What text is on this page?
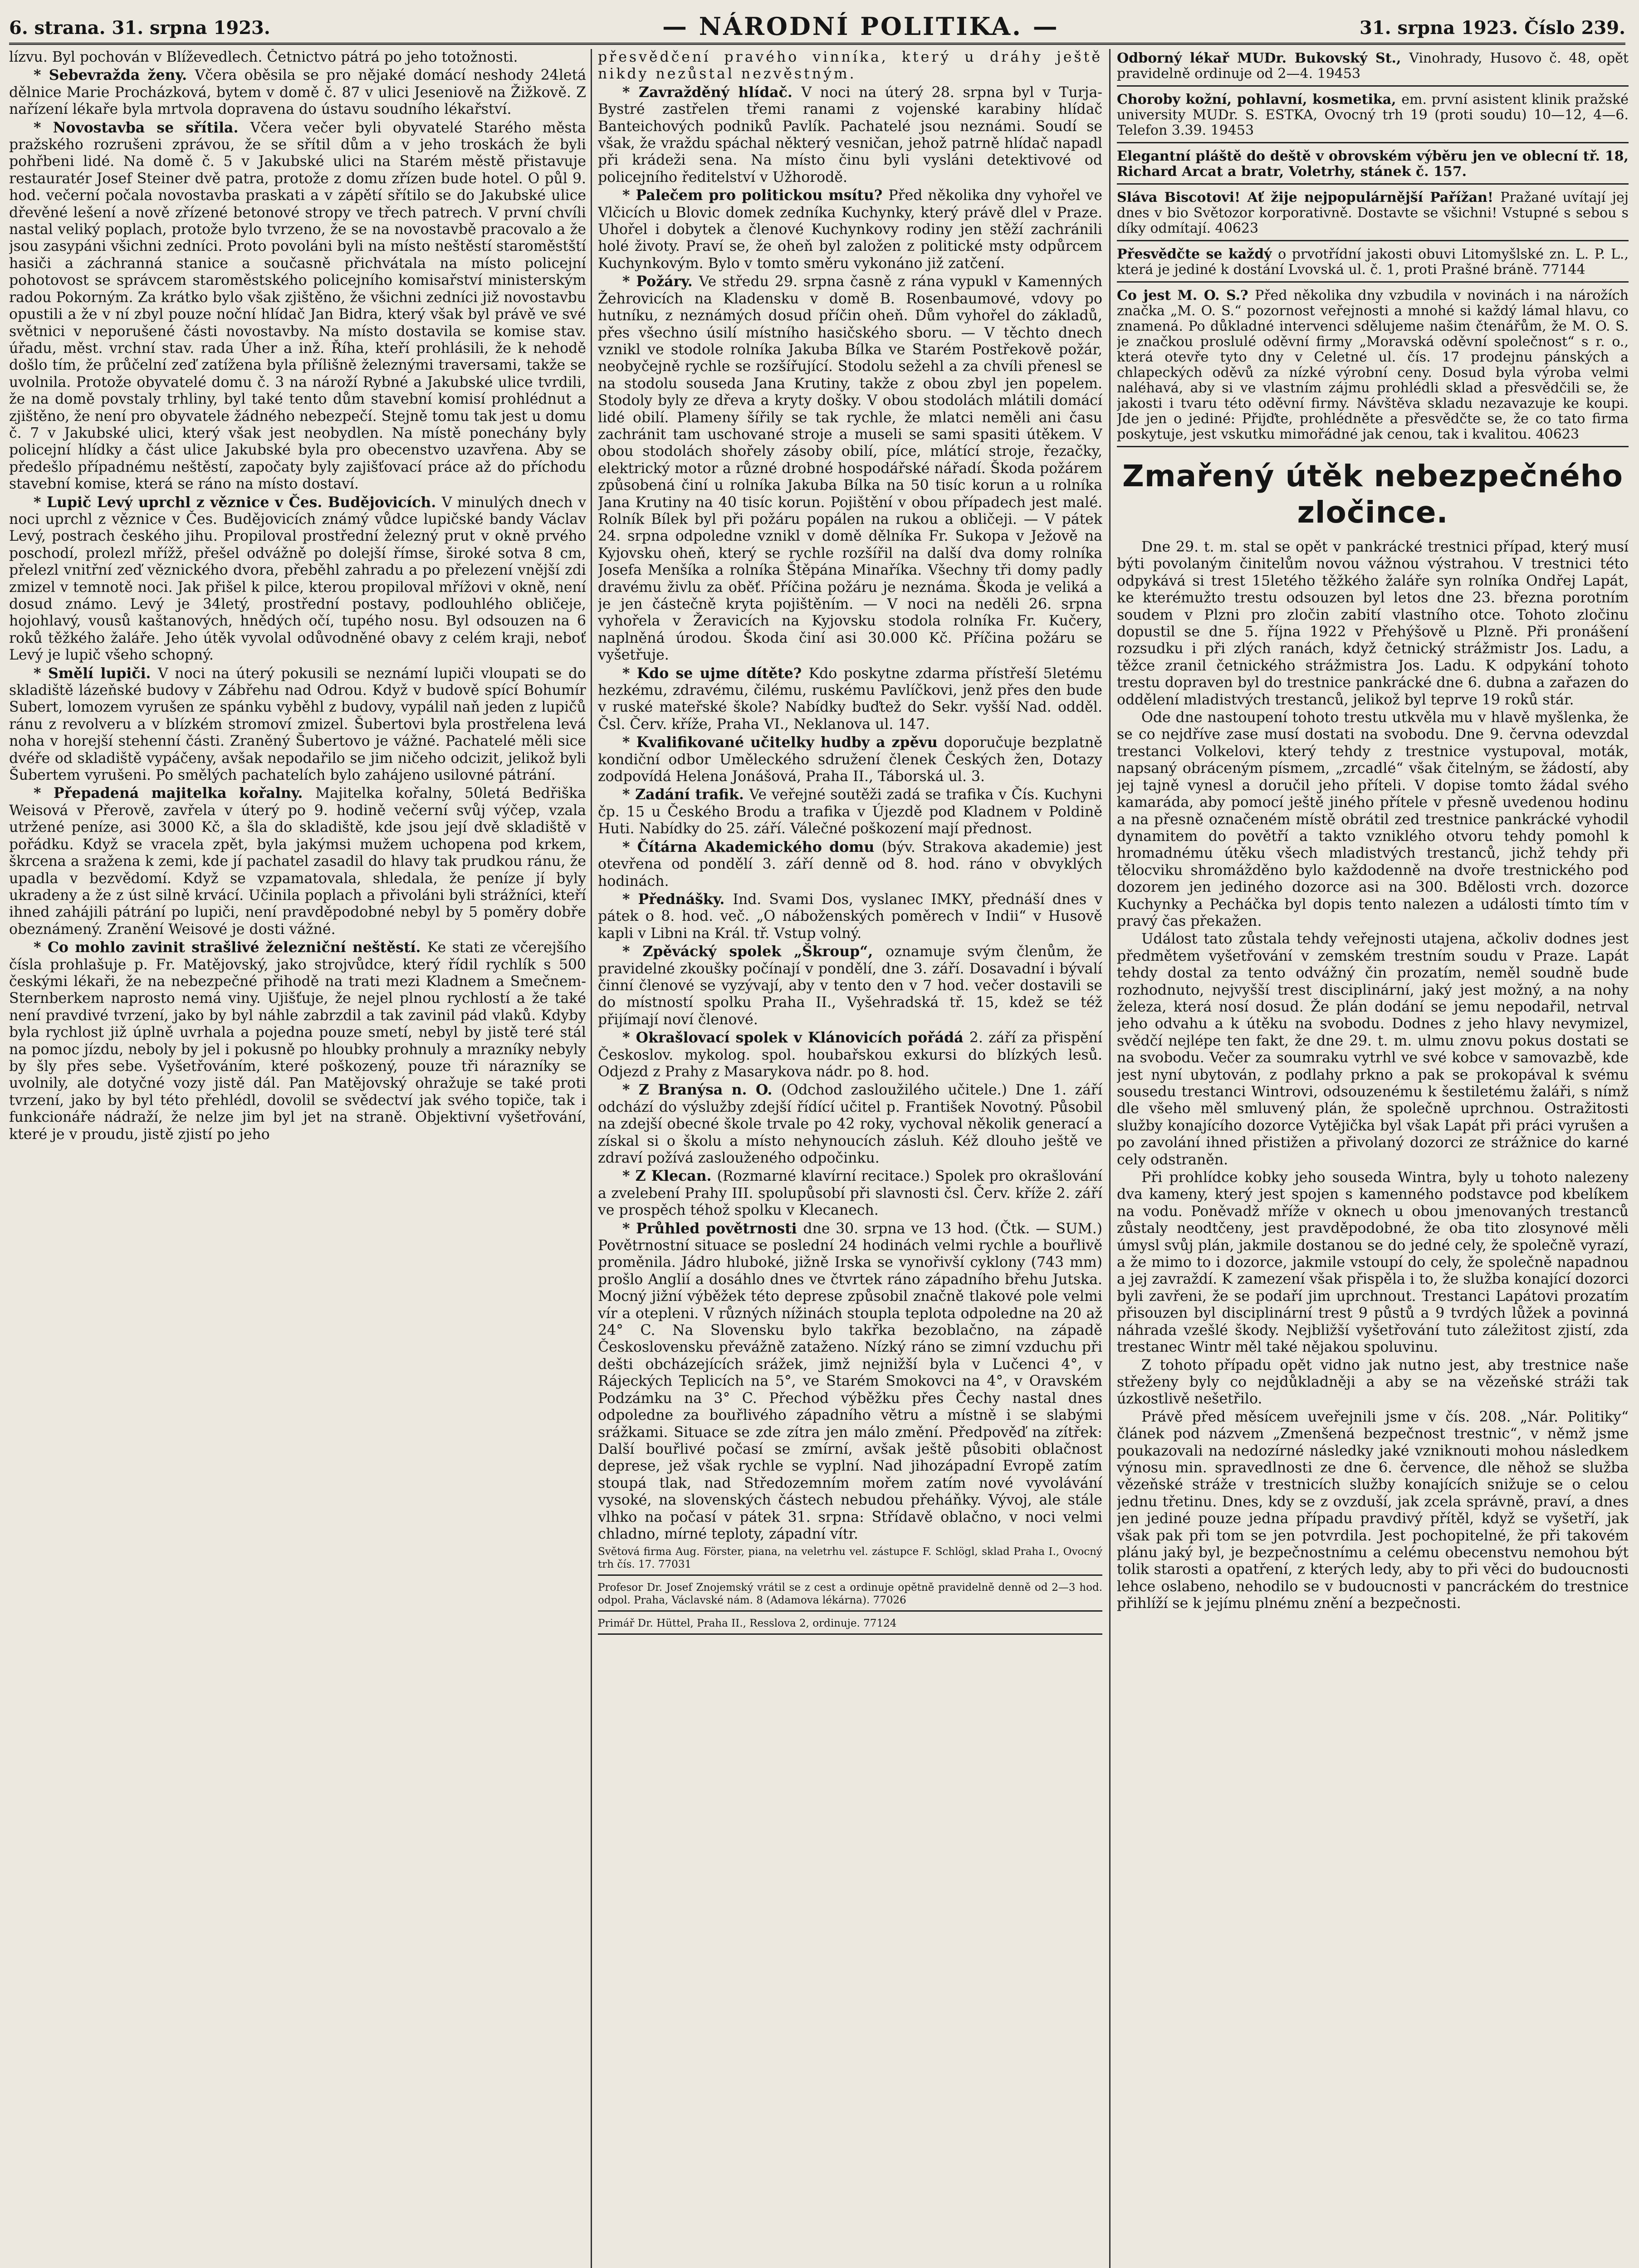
6. strana. 31. srpna 1923.	— NÁRODNÍ POLITIKA. —	31. srpna 1923. Číslo 239.

lízvu. Byl pochován v Blíževedlech. Četnictvo pátrá po jeho totožnosti.

* Sebevražda ženy. Včera oběsila se pro nějaké domácí neshody 24letá dělnice Marie Procházková, bytem v domě č. 87 v ulici Jeseniově na Žižkově. Z nařízení lékaře byla mrtvola dopravena do ústavu soudního lékařství.

* Novostavba se sřítila. Včera večer byli obyvatelé Starého města pražského rozrušeni zprávou, že se sřítil dům a v jeho troskách že byli pohřbeni lidé. Na domě č. 5 v Jakubské ulici na Starém městě přistavuje restauratér Josef Steiner dvě patra, protože z domu zřízen bude hotel. O půl 9. hod. večerní počala novostavba praskati a v zápětí sřítilo se do Jakubské ulice dřevěné lešení a nově zřízené betonové stropy ve třech patrech. V první chvíli nastal veliký poplach, protože bylo tvrzeno, že se na novostavbě pracovalo a že jsou zasypáni všichni zedníci. Proto povoláni byli na místo neštěstí staroměstští hasiči a záchranná stanice a současně přichvátala na místo policejní pohotovost se správcem staroměstského policejního komisařství ministerským radou Pokorným. Za krátko bylo však zjištěno, že všichni zedníci již novostavbu opustili a že v ní zbyl pouze noční hlídač Jan Bidra, který však byl právě ve své světnici v neporušené části novostavby. Na místo dostavila se komise stav. úřadu, měst. vrchní stav. rada Úher a inž. Říha, kteří prohlásili, že k nehodě došlo tím, že průčelní zeď zatížena byla přílišně železnými traversami, takže se uvolnila. Protože obyvatelé domu č. 3 na nároží Rybné a Jakubské ulice tvrdili, že na domě povstaly trhliny, byl také tento dům stavební komisí prohlédnut a zjištěno, že není pro obyvatele žádného nebezpečí. Stejně tomu tak jest u domu č. 7 v Jakubské ulici, který však jest neobydlen. Na místě ponechány byly policejní hlídky a část ulice Jakubské byla pro obecenstvo uzavřena. Aby se předešlo případnému neštěstí, započaty byly zajišťovací práce až do příchodu stavební komise, která se ráno na místo dostaví.

* Lupič Levý uprchl z věznice v Čes. Budějovicích. V minulých dnech v noci uprchl z věznice v Čes. Budějovicích známý vůdce lupičské bandy Václav Levý, postrach českého jihu. Propiloval prostřední železný prut v okně prvého poschodí, prolezl mřížž, přešel odvážně po dolejší římse, široké sotva 8 cm, přelezl vnitřní zeď věznického dvora, přeběhl zahradu a po přelezení vnější zdi zmizel v temnotě noci. Jak přišel k pilce, kterou propiloval mřížovi v okně, není dosud známo. Levý je 34letý, prostřední postavy, podlouhlého obličeje, hojohlavý, vousů kaštanových, hnědých očí, tupého nosu. Byl odsouzen na 6 roků těžkého žaláře. Jeho útěk vyvolal odůvodněné obavy z celém kraji, neboť Levý je lupič všeho schopný.

* Smělí lupiči. V noci na úterý pokusili se neznámí lupiči vloupati se do skladiště lázeňské budovy v Zábřehu nad Odrou. Když v budově spící Bohumír Subert, lomozem vyrušen ze spánku vyběhl z budovy, vypálil naň jeden z lupičů ránu z revolveru a v blízkém stromoví zmizel. Šubertovi byla prostřelena levá noha v horejší stehenní části. Zraněný Šubertovo je vážné. Pachatelé měli sice dvéře od skladiště vypáčeny, avšak nepodařilo se jim ničeho odcizit, jelikož byli Šubertem vyrušeni. Po smělých pachatelích bylo zahájeno usilovné pátrání.

* Přepadená majitelka kořalny. Majitelka kořalny, 50letá Bedřiška Weisová v Přerově, zavřela v úterý po 9. hodině večerní svůj výčep, vzala utržené peníze, asi 3000 Kč, a šla do skladiště, kde jsou její dvě skladiště v pořádku. Když se vracela zpět, byla jakýmsi mužem uchopena pod krkem, škrcena a sražena k zemi, kde jí pachatel zasadil do hlavy tak prudkou ránu, že upadla v bezvědomí. Když se vzpamatovala, shledala, že peníze jí byly ukradeny a že z úst silně krvácí. Učinila poplach a přivoláni byli strážníci, kteří ihned zahájili pátrání po lupiči, není pravděpodobné nebyl by 5 poměry dobře obeznámený. Zranění Weisové je dosti vážné.

* Co mohlo zavinit strašlivé železniční neštěstí. Ke stati ze včerejšího čísla prohlašuje p. Fr. Matějovský, jako strojvůdce, který řídil rychlík s 500 českými lékaři, že na nebezpečné přihodě na trati mezi Kladnem a Smečnem-Sternberkem naprosto nemá viny. Ujišťuje, že nejel plnou rychlostí a že také není pravdivé tvrzení, jako by byl náhle zabrzdil a tak zavinil pád vlaků. Kdyby byla rychlost již úplně uvrhala a pojedna pouze smetí, nebyl by jistě teré stál na pomoc jízdu, neboly by jel i pokusně po hloubky prohnuly a mrazníky nebyly by šly přes sebe. Vyšetřováním, které poškozený, pouze tři nárazníky se uvolnily, ale dotyčné vozy jistě dál. Pan Matějovský ohražuje se také proti tvrzení, jako by byl této přehlédl, dovolil se svědectví jak svého topiče, tak i funkcionáře nádraží, že nelze jim byl jet na straně. Objektivní vyšetřování, které je v proudu, jistě zjistí po jeho

přesvědčení pravého vinníka, který u dráhy ještě nikdy nezůstal nezvěstným.

* Zavražděný hlídač. V noci na úterý 28. srpna byl v Turja-Bystré zastřelen třemi ranami z vojenské karabiny hlídač Banteichových podniků Pavlík. Pachatelé jsou neznámi. Soudí se však, že vraždu spáchal některý vesničan, jehož patrně hlídač napadl při krádeži sena. Na místo činu byli vysláni detektivové od policejního ředitelství v Užhorodě.

* Palečem pro politickou msítu? Před několika dny vyhořel ve Vlčicích u Blovic domek zedníka Kuchynky, který právě dlel v Praze. Uhořel i dobytek a členové Kuchynkovy rodiny jen stěží zachránili holé životy. Praví se, že oheň byl založen z politické msty odpůrcem Kuchynkovým. Bylo v tomto směru vykonáno již zatčení.

* Požáry. Ve středu 29. srpna časně z rána vypukl v Kamenných Žehrovicích na Kladensku v domě B. Rosenbaumové, vdovy po hutníku, z neznámých dosud příčin oheň. Dům vyhořel do základů, přes všechno úsilí místního hasičského sboru. — V těchto dnech vznikl ve stodole rolníka Jakuba Bílka ve Starém Postřekově požár, neobyčejně rychle se rozšířující. Stodolu sežehl a za chvíli přenesl se na stodolu souseda Jana Krutiny, takže z obou zbyl jen popelem. Stodoly byly ze dřeva a kryty došky. V obou stodolách mlátili domácí lidé obilí. Plameny šířily se tak rychle, že mlatci neměli ani času zachránit tam uschované stroje a museli se sami spasiti útěkem. V obou stodolách shořely zásoby obilí, píce, mlátící stroje, řezačky, elektrický motor a různé drobné hospodářské nářadí. Škoda požárem způsobená činí u rolníka Jakuba Bílka na 50 tisíc korun a u rolníka Jana Krutiny na 40 tisíc korun. Pojištění v obou případech jest malé. Rolník Bílek byl při požáru popálen na rukou a obličeji. — V pátek 24. srpna odpoledne vznikl v domě dělníka Fr. Sukopa v Ježově na Kyjovsku oheň, který se rychle rozšířil na další dva domy rolníka Josefa Menšíka a rolníka Štěpána Minaříka. Všechny tři domy padly dravému živlu za oběť. Příčina požáru je neznáma. Škoda je veliká a je jen částečně kryta pojištěním. — V noci na neděli 26. srpna vyhořela v Žeravicích na Kyjovsku stodola rolníka Fr. Kučery, naplněná úrodou. Škoda činí asi 30.000 Kč. Příčina požáru se vyšetřuje.

* Kdo se ujme dítěte? Kdo poskytne zdarma přístřeší 5letému hezkému, zdravému, čilému, ruskému Pavlíčkovi, jenž přes den bude v ruské mateřské škole? Nabídky buďtež do Sekr. vyšší Nad. odděl. Čsl. Červ. kříže, Praha VI., Neklanova ul. 147.

* Kvalifikované učitelky hudby a zpěvu doporučuje bezplatně kondiční odbor Uměleckého sdružení členek Českých žen, Dotazy zodpovídá Helena Jonášová, Praha II., Táborská ul. 3.

* Zadání trafik. Ve veřejné soutěži zadá se trafika v Čís. Kuchyni čp. 15 u Českého Brodu a trafika v Újezdě pod Kladnem v Poldině Huti. Nabídky do 25. září. Válečné poškození mají přednost.

* Čítárna Akademického domu (býv. Strakova akademie) jest otevřena od pondělí 3. září denně od 8. hod. ráno v obvyklých hodinách.

* Přednášky. Ind. Svami Dos, vyslanec IMKY, přednáší dnes v pátek o 8. hod. več. „O náboženských poměrech v Indii“ v Husově kapli v Libni na Král. tř. Vstup volný.

* Zpěvácký spolek „Škroup“, oznamuje svým členům, že pravidelné zkoušky počínají v pondělí, dne 3. září. Dosavadní i bývalí činní členové se vyzývají, aby v tento den v 7 hod. večer dostavili se do místností spolku Praha II., Vyšehradská tř. 15, kdež se též přijímají noví členové.

* Okrašlovací spolek v Klánovicích pořádá 2. září za přispění Českoslov. mykolog. spol. houbařskou exkursi do blízkých lesů. Odjezd z Prahy z Masarykova nádr. po 8. hod.

* Z Branýsa n. O. (Odchod zasloužilého učitele.) Dne 1. září odchází do výslužby zdejší řídící učitel p. František Novotný. Působil na zdejší obecné škole trvale po 42 roky, vychoval několik generací a získal si o školu a místo nehynoucích zásluh. Kéž dlouho ještě ve zdraví požívá zaslouženého odpočinku.

* Z Klecan. (Rozmarné klavírní recitace.) Spolek pro okrašlování a zvelebení Prahy III. spolupůsobí při slavnosti čsl. Červ. kříže 2. září ve prospěch téhož spolku v Klecanech.

* Průhled povětrnosti dne 30. srpna ve 13 hod. (Čtk. — SUM.) Povětrnostní situace se poslední 24 hodinách velmi rychle a bouřlivě proměnila. Jádro hluboké, jižně Irska se vynořivší cyklony (743 mm) prošlo Anglií a dosáhlo dnes ve čtvrtek ráno západního břehu Jutska. Mocný jižní výběžek této deprese způsobil značně tlakové pole velmi vír a otepleni. V různých nížinách stoupla teplota odpoledne na 20 až 24° C. Na Slovensku bylo takřka bezoblačno, na západě Československu převážně zataženo. Nízký ráno se zimní vzduchu při dešti obcházejících srážek, jimž nejnižší byla v Lučenci 4°, v Rájeckých Teplicích na 5°, ve Starém Smokovci na 4°, v Oravském Podzámku na 3° C. Přechod výběžku přes Čechy nastal dnes odpoledne za bouřlivého západního větru a místně i se slabými srážkami. Situace se zde zítra jen málo změní. Předpověď na zítřek: Další bouřlivé počasí se zmírní, avšak ještě působiti oblačnost deprese, jež však rychle se vyplní. Nad jihozápadní Evropě zatím stoupá tlak, nad Středozemním mořem zatím nové vyvolávání vysoké, na slovenských částech nebudou přeháňky. Vývoj, ale stále vlhko na počasí v pátek 31. srpna: Střídavě oblačno, v noci velmi chladno, mírné teploty, západní vítr.

Světová firma Aug. Förster, piana, na veletrhu vel. zástupce F. Schlögl, sklad Praha I., Ovocný trh čís. 17. 77031
Profesor Dr. Josef Znojemský vrátil se z cest a ordinuje opětně pravidelně denně od 2—3 hod. odpol. Praha, Václavské nám. 8 (Adamova lékárna). 77026
Primář Dr. Hüttel, Praha II., Resslova 2, ordinuje. 77124
Odborný lékař MUDr. Bukovský St., Vinohrady, Husovo č. 48, opět pravidelně ordinuje od 2—4. 19453
Choroby kožní, pohlavní, kosmetika, em. první asistent klinik pražské university MUDr. S. ESTKA, Ovocný trh 19 (proti soudu) 10—12, 4—6. Telefon 3.39. 19453
Elegantní pláště do deště v obrovském výběru jen ve oblecní tř. 18, Richard Arcat a bratr, Voletrhy, stánek č. 157.
Sláva Biscotovi! Ať žije nejpopulárnější Pařížan! Pražané uvítají jej dnes v bio Světozor korporativně. Dostavte se všichni! Vstupné s sebou s díky odmítají. 40623
Přesvědčte se každý o prvotřídní jakosti obuvi Litomyšlské zn. L. P. L., která je jediné k dostání Lvovská ul. č. 1, proti Prašné bráně. 77144
Co jest M. O. S.? Před několika dny vzbudila v novinách i na nárožích značka „M. O. S.“ pozornost veřejnosti a mnohé si každý lámal hlavu, co znamená. Po důkladné intervenci sdělujeme našim čtenářům, že M. O. S. je značkou proslulé oděvní firmy „Moravská oděvní společnost“ s r. o., která otevře tyto dny v Celetné ul. čís. 17 prodejnu pánských a chlapeckých oděvů za nízké výrobní ceny. Dosud byla výroba velmi naléhavá, aby si ve vlastním zájmu prohlédli sklad a přesvědčili se, že jakosti i tvaru této oděvní firmy. Návštěva skladu nezavazuje ke koupi. Jde jen o jediné: Přijďte, prohlédněte a přesvědčte se, že co tato firma poskytuje, jest vskutku mimořádné jak cenou, tak i kvalitou. 40623
Zmařený útěk nebezpečného zločince.

Dne 29. t. m. stal se opět v pankrácké trestnici případ, který musí býti povolaným činitelům novou vážnou výstrahou. V trestnici této odpykává si trest 15letého těžkého žaláře syn rolníka Ondřej Lapát, ke kterémužto trestu odsouzen byl letos dne 23. března porotním soudem v Plzni pro zločin zabití vlastního otce. Tohoto zločinu dopustil se dne 5. října 1922 v Přehýšově u Plzně. Při pronášení rozsudku i při zlých ranách, když četnický strážmistr Jos. Ladu, a těžce zranil četnického strážmistra Jos. Ladu. K odpykání tohoto trestu dopraven byl do trestnice pankrácké dne 6. dubna a zařazen do oddělení mladistvých trestanců, jelikož byl teprve 19 roků stár.

Ode dne nastoupení tohoto trestu utkvěla mu v hlavě myšlenka, že se co nejdříve zase musí dostati na svobodu. Dne 9. června odevzdal trestanci Volkelovi, který tehdy z trestnice vystupoval, moták, napsaný obráceným písmem, „zrcadlé“ však čitelným, se žádostí, aby jej tajně vynesl a doručil jeho příteli. V dopise tomto žádal svého kamaráda, aby pomocí ještě jiného přítele v přesně uvedenou hodinu a na přesně označeném místě obrátil zed trestnice pankrácké vyhodil dynamitem do povětří a takto vzniklého otvoru tehdy pomohl k hromadnému útěku všech mladistvých trestanců, jichž tehdy při tělocviku shromážděno bylo každodenně na dvoře trestnického pod dozorem jen jediného dozorce asi na 300. Bdělosti vrch. dozorce Kuchynky a Pecháčka byl dopis tento nalezen a události tímto tím v pravý čas překažen.

Událost tato zůstala tehdy veřejnosti utajena, ačkoliv dodnes jest předmětem vyšetřování v zemském trestním soudu v Praze. Lapát tehdy dostal za tento odvážný čin prozatím, neměl soudně bude rozhodnuto, nejvyšší trest disciplinární, jaký jest možný, a na nohy železa, která nosí dosud. Že plán dodání se jemu nepodařil, netrval jeho odvahu a k útěku na svobodu. Dodnes z jeho hlavy nevymizel, svědčí nejlépe ten fakt, že dne 29. t. m. ulmu znovu pokus dostati se na svobodu. Večer za soumraku vytrhl ve své kobce v samovazbě, kde jest nyní ubytován, z podlahy prkno a pak se prokopával k svému sousedu trestanci Wintrovi, odsouzenému k šestiletému žaláři, s nímž dle všeho měl smluvený plán, že společně uprchnou. Ostražitosti služby konajícího dozorce Vytějička byl však Lapát při práci vyrušen a po zavolání ihned přistižen a přivolaný dozorci ze strážnice do karné cely odstraněn.

Při prohlídce kobky jeho souseda Wintra, byly u tohoto nalezeny dva kameny, který jest spojen s kamenného podstavce pod kbelíkem na vodu. Poněvadž mříže v oknech u obou jmenovaných trestanců zůstaly neodtčeny, jest pravděpodobné, že oba tito zlosynové měli úmysl svůj plán, jakmile dostanou se do jedné cely, že společně vyrazí, a že mimo to i dozorce, jakmile vstoupí do cely, že společně napadnou a jej zavraždí. K zamezení však přispěla i to, že služba konající dozorci byli zavřeni, že se podaří jim uprchnout. Trestanci Lapátovi prozatím přisouzen byl disciplinární trest 9 půstů a 9 tvrdých lůžek a povinná náhrada vzešlé škody. Nejbližší vyšetřování tuto záležitost zjistí, zda trestanec Wintr měl také nějakou spoluvinu.

Z tohoto případu opět vidno jak nutno jest, aby trestnice naše střeženy byly co nejdůkladněji a aby se na vězeňské stráži tak úzkostlivě nešetřilo.

Právě před měsícem uveřejnili jsme v čís. 208. „Nár. Politiky“ článek pod názvem „Zmenšená bezpečnost trestnic“, v němž jsme poukazovali na nedozírné následky jaké vzniknouti mohou následkem výnosu min. spravedlnosti ze dne 6. července, dle něhož se služba vězeňské stráže v trestnicích služby konajících snižuje se o celou jednu třetinu. Dnes, kdy se z ovzduší, jak zcela správně, praví, a dnes jen jediné pouze jedna případu pravdivý přítěl, když se vyšetří, jak však pak při tom se jen potvrdila. Jest pochopitelné, že při takovém plánu jaký byl, je bezpečnostnímu a celému obecenstvu nemohou být tolik starosti a opatření, z kterých ledy, aby to při věci do budoucnosti lehce oslabeno, nehodilo se v budoucnosti v pancráckém do trestnice přihlíží se k jejímu plnému znění a bezpečnosti.
